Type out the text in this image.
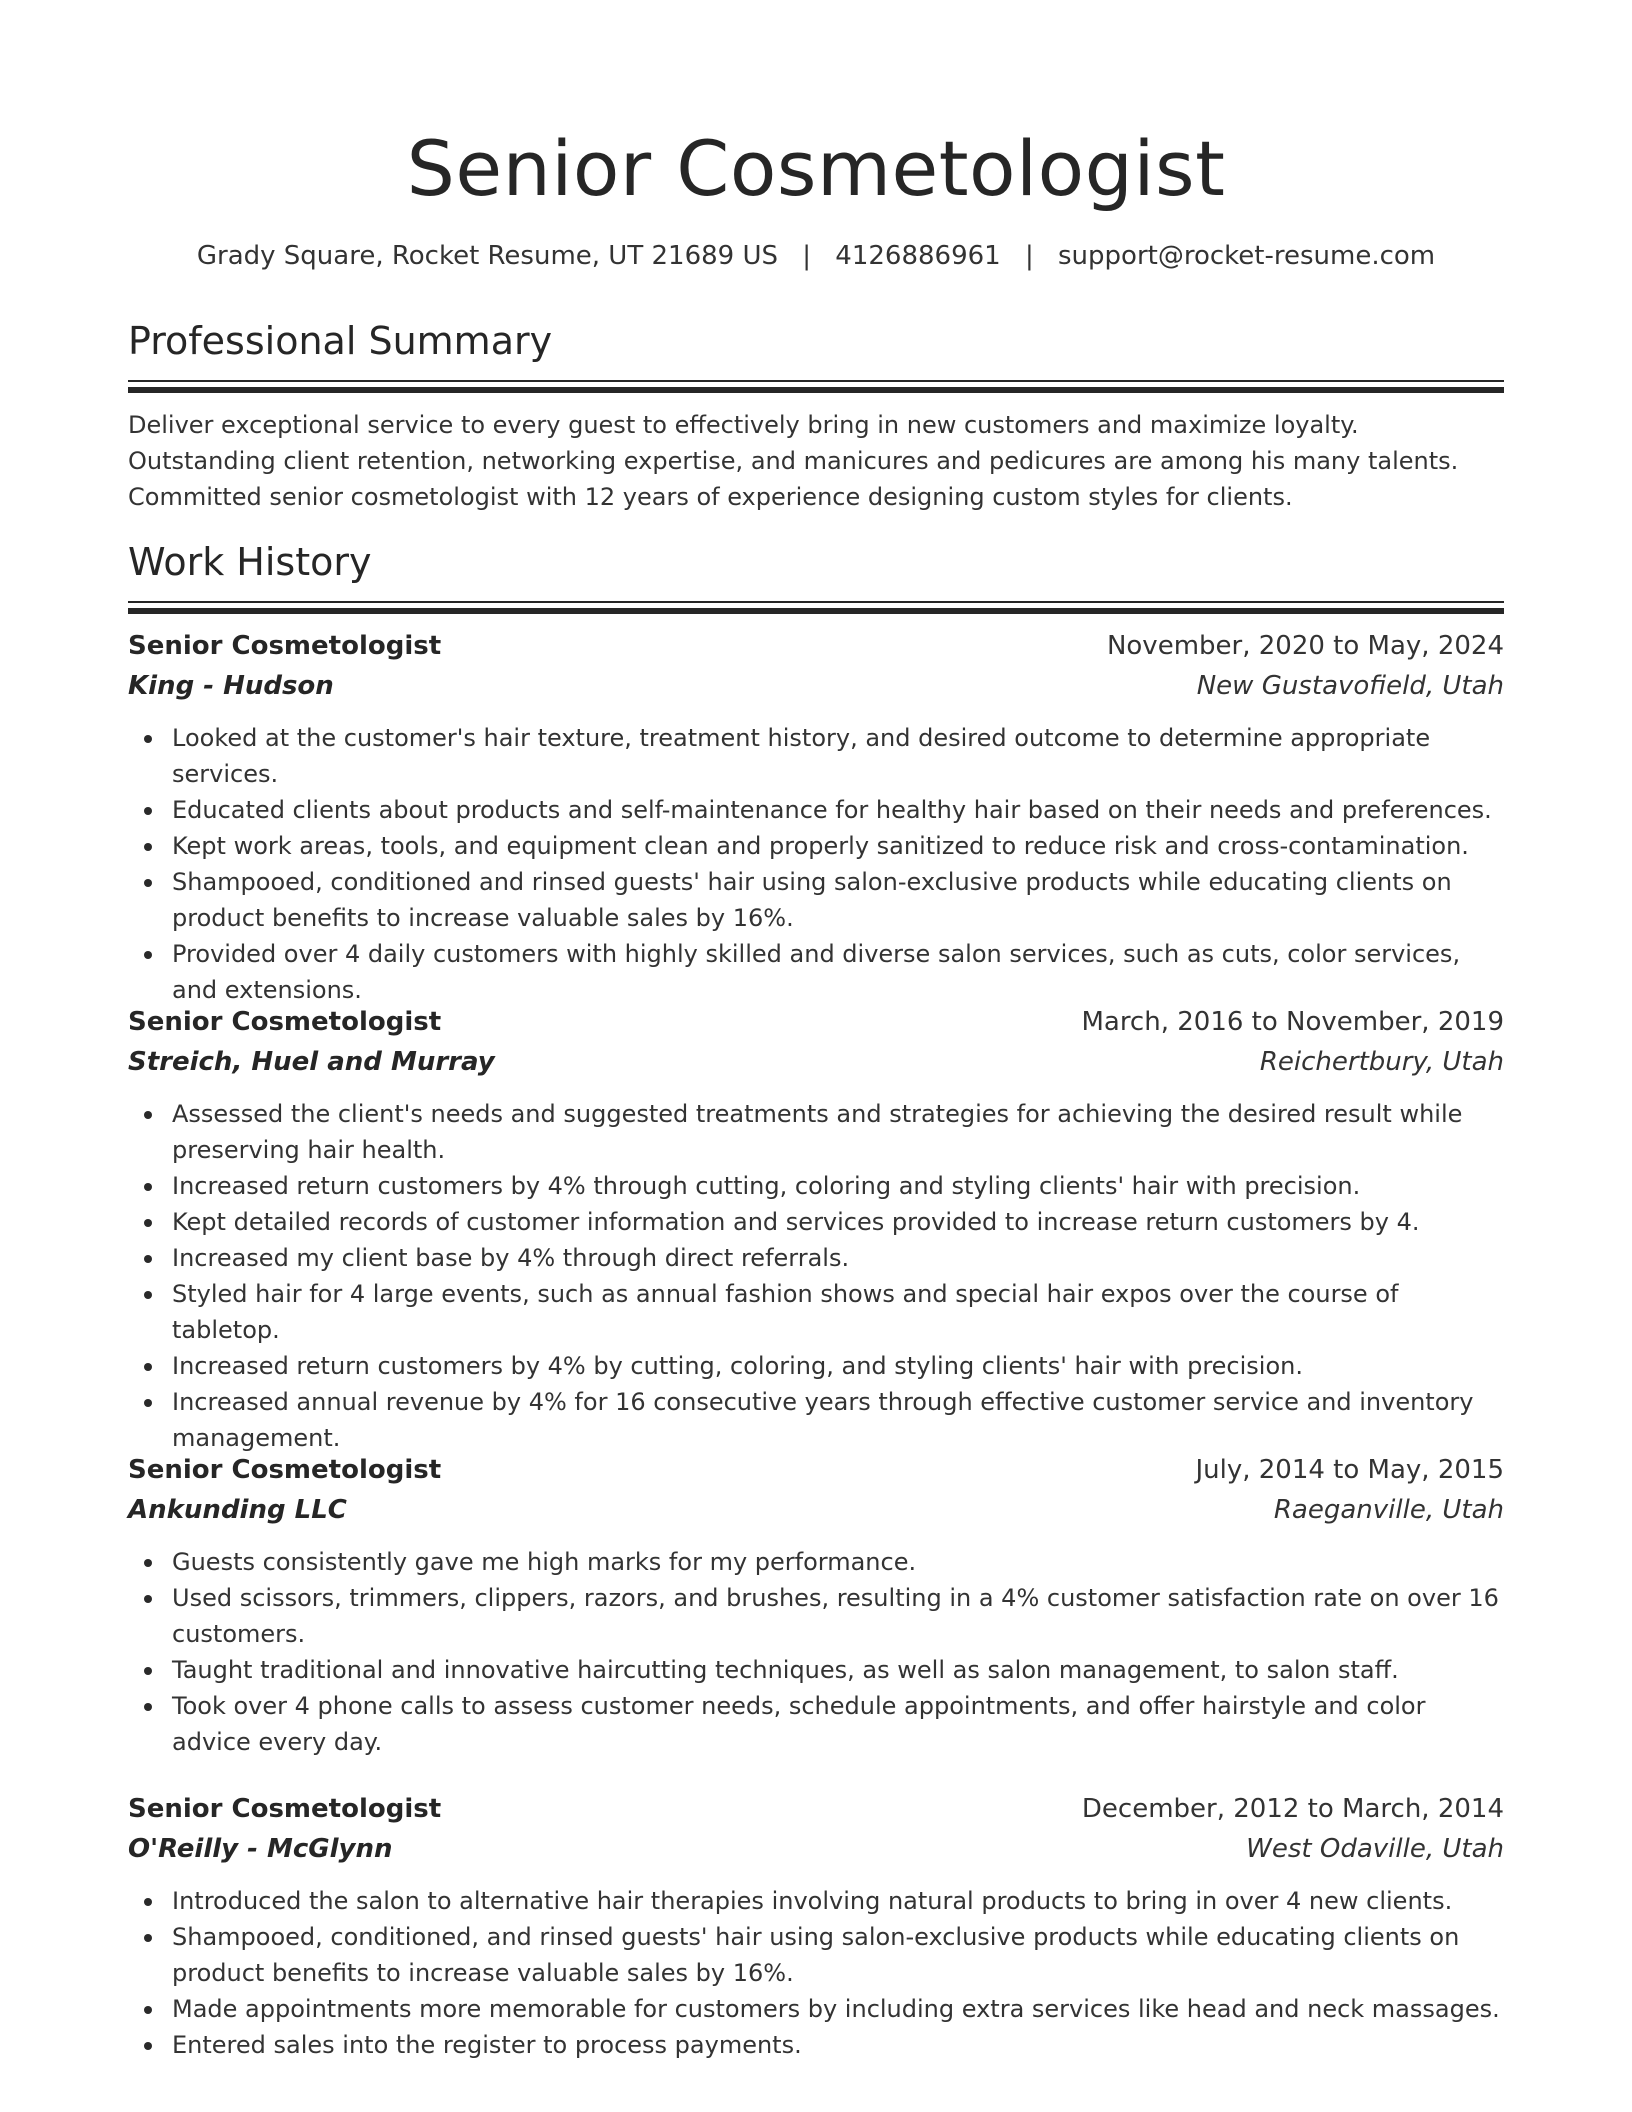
Senior Cosmetologist
Grady Square, Rocket Resume, UT 21689 US | 4126886961 | support@rocket-resume.com
Professional Summary

Deliver exceptional service to every guest to effectively bring in new customers and maximize loyalty. Outstanding client retention, networking expertise, and manicures and pedicures are among his many talents. Committed senior cosmetologist with 12 years of experience designing custom styles for clients.

Work History
Senior Cosmetologist	November, 2020 to May, 2024
King - Hudson	New Gustavofield, Utah
Looked at the customer's hair texture, treatment history, and desired outcome to determine appropriate services.
Educated clients about products and self-maintenance for healthy hair based on their needs and preferences.
Kept work areas, tools, and equipment clean and properly sanitized to reduce risk and cross-contamination.
Shampooed, conditioned and rinsed guests' hair using salon-exclusive products while educating clients on product benefits to increase valuable sales by 16%.
Provided over 4 daily customers with highly skilled and diverse salon services, such as cuts, color services, and extensions.
Senior Cosmetologist	March, 2016 to November, 2019
Streich, Huel and Murray	Reichertbury, Utah
Assessed the client's needs and suggested treatments and strategies for achieving the desired result while preserving hair health.
Increased return customers by 4% through cutting, coloring and styling clients' hair with precision.
Kept detailed records of customer information and services provided to increase return customers by 4.
Increased my client base by 4% through direct referrals.
Styled hair for 4 large events, such as annual fashion shows and special hair expos over the course of tabletop.
Increased return customers by 4% by cutting, coloring, and styling clients' hair with precision.
Increased annual revenue by 4% for 16 consecutive years through effective customer service and inventory management.
Senior Cosmetologist	July, 2014 to May, 2015
Ankunding LLC	Raeganville, Utah
Guests consistently gave me high marks for my performance.
Used scissors, trimmers, clippers, razors, and brushes, resulting in a 4% customer satisfaction rate on over 16 customers.
Taught traditional and innovative haircutting techniques, as well as salon management, to salon staff.
Took over 4 phone calls to assess customer needs, schedule appointments, and offer hairstyle and color advice every day.
Senior Cosmetologist	December, 2012 to March, 2014
O'Reilly - McGlynn	West Odaville, Utah
Introduced the salon to alternative hair therapies involving natural products to bring in over 4 new clients.
Shampooed, conditioned, and rinsed guests' hair using salon-exclusive products while educating clients on product benefits to increase valuable sales by 16%.
Made appointments more memorable for customers by including extra services like head and neck massages.
Entered sales into the register to process payments.
